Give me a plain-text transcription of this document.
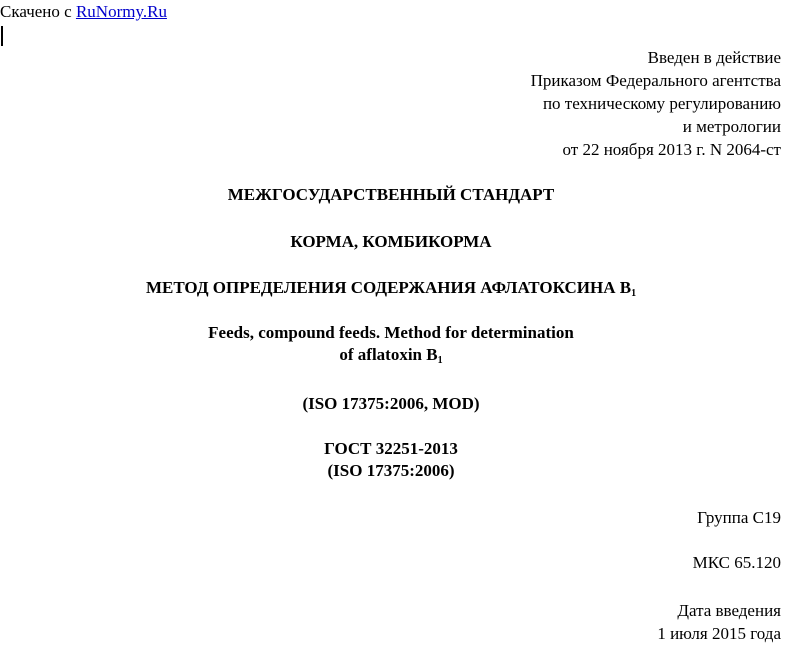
Скачено с RuNormy.Ru
Введен в действие
Приказом Федерального агентства
по техническому регулированию
и метрологии
от 22 ноября 2013 г. N 2064-ст
МЕЖГОСУДАРСТВЕННЫЙ СТАНДАРТ
КОРМА, КОМБИКОРМА
МЕТОД ОПРЕДЕЛЕНИЯ СОДЕРЖАНИЯ АФЛАТОКСИНА $B_1$
Feeds, compound feeds. Method for determination
of aflatoxin $B_1$
(ISO 17375:2006, MOD)
ГОСТ 32251-2013
(ISO 17375:2006)
Группа С19
МКС 65.120
Дата введения
1 июля 2015 года
